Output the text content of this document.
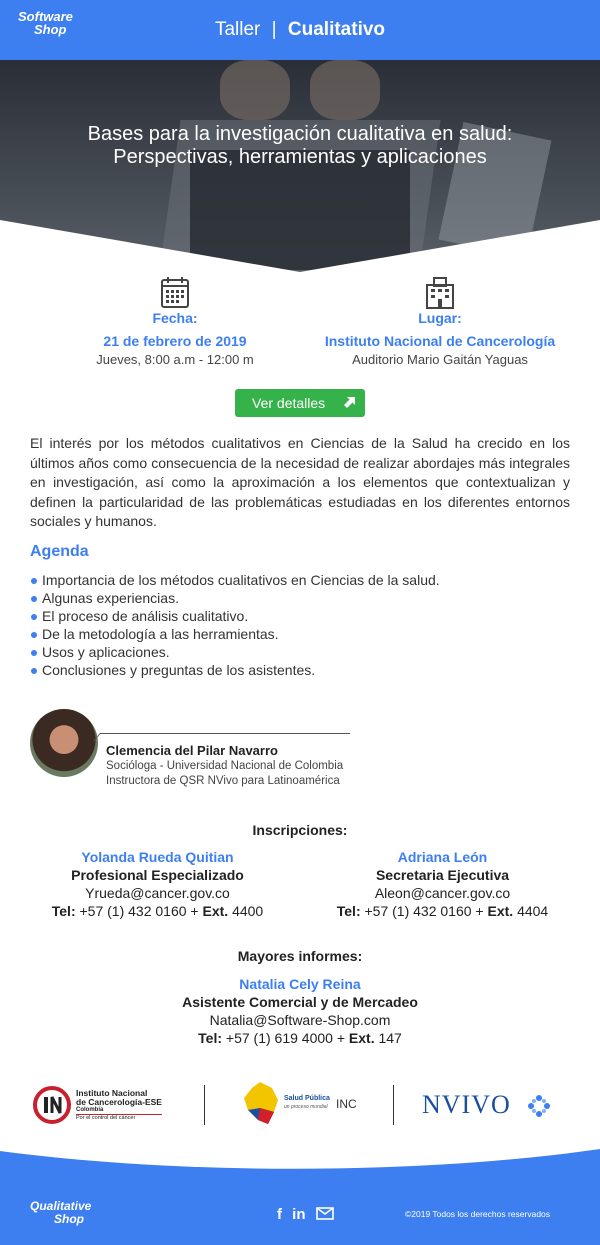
Software
Shop	Taller | Cualitativo
Bases para la investigación cualitativa en salud:
Perspectivas, herramientas y aplicaciones
Fecha:
21 de febrero de 2019
Jueves, 8:00 a.m - 12:00 m
Lugar:
Instituto Nacional de Cancerología
Auditorio Mario Gaitán Yaguas
Ver detalles

El interés por los métodos cualitativos en Ciencias de la Salud ha crecido en los últimos años como consecuencia de la necesidad de realizar abordajes más integrales en investigación, así como la aproximación a los elementos que contextualizan y definen la particularidad de las problemáticas estudiadas en los diferentes entornos sociales y humanos.

Agenda
Importancia de los métodos cualitativos en Ciencias de la salud.
Algunas experiencias.
El proceso de análisis cualitativo.
De la metodología a las herramientas.
Usos y aplicaciones.
Conclusiones y preguntas de los asistentes.
Clemencia del Pilar Navarro
Socióloga - Universidad Nacional de Colombia
Instructora de QSR NVivo para Latinoamérica
Inscripciones:
Yolanda Rueda Quitian
Profesional Especializado
Yrueda@cancer.gov.co
Tel: +57 (1) 432 0160 + Ext. 4400
Adriana León
Secretaria Ejecutiva
Aleon@cancer.gov.co
Tel: +57 (1) 432 0160 + Ext. 4404
Mayores informes:
Natalia Cely Reina
Asistente Comercial y de Mercadeo
Natalia@Software-Shop.com
Tel: +57 (1) 619 4000 + Ext. 147
Instituto Nacional
de Cancerología-ESE
Colombia
Por el control del cáncer
Salud Pública
un proceso mundial INC	NVIVO
Qualitative
Shop	f in	©2019 Todos los derechos reservados
